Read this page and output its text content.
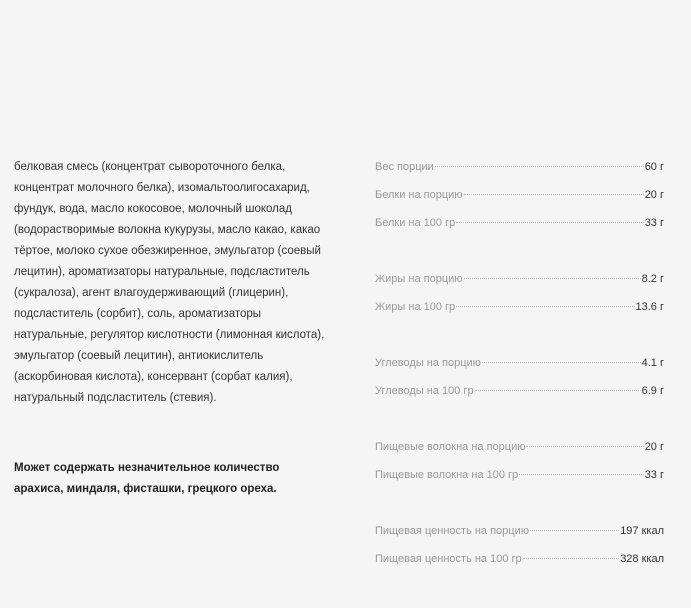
белковая смесь (концентрат сывороточного белка, концентрат молочного белка), изомальтоолигосахарид, фундук, вода, масло кокосовое, молочный шоколад (водорастворимые волокна кукурузы, масло какао, какао тёртое, молоко сухое обезжиренное, эмульгатор (соевый лецитин), ароматизаторы натуральные, подсластитель (сукралоза), агент влагоудерживающий (глицерин), подсластитель (сорбит), соль, ароматизаторы натуральные, регулятор кислотности (лимонная кислота), эмульгатор (соевый лецитин), антиокислитель (аскорбиновая кислота), консервант (сорбат калия), натуральный подсластитель (стевия).

Может содержать незначительное количество арахиса, миндаля, фисташки, грецкого ореха.

Вес порции	60 г
Белки на порцию	20 г
Белки на 100 гр	33 г
Жиры на порцию	8.2 г
Жиры на 100 гр	13.6 г
Углеводы на порцию	4.1 г
Углеводы на 100 гр	6.9 г
Пищевые волокна на порцию	20 г
Пищевые волокна на 100 гр	33 г
Пищевая ценность на порцию	197 ккал
Пищевая ценность на 100 гр	328 ккал
